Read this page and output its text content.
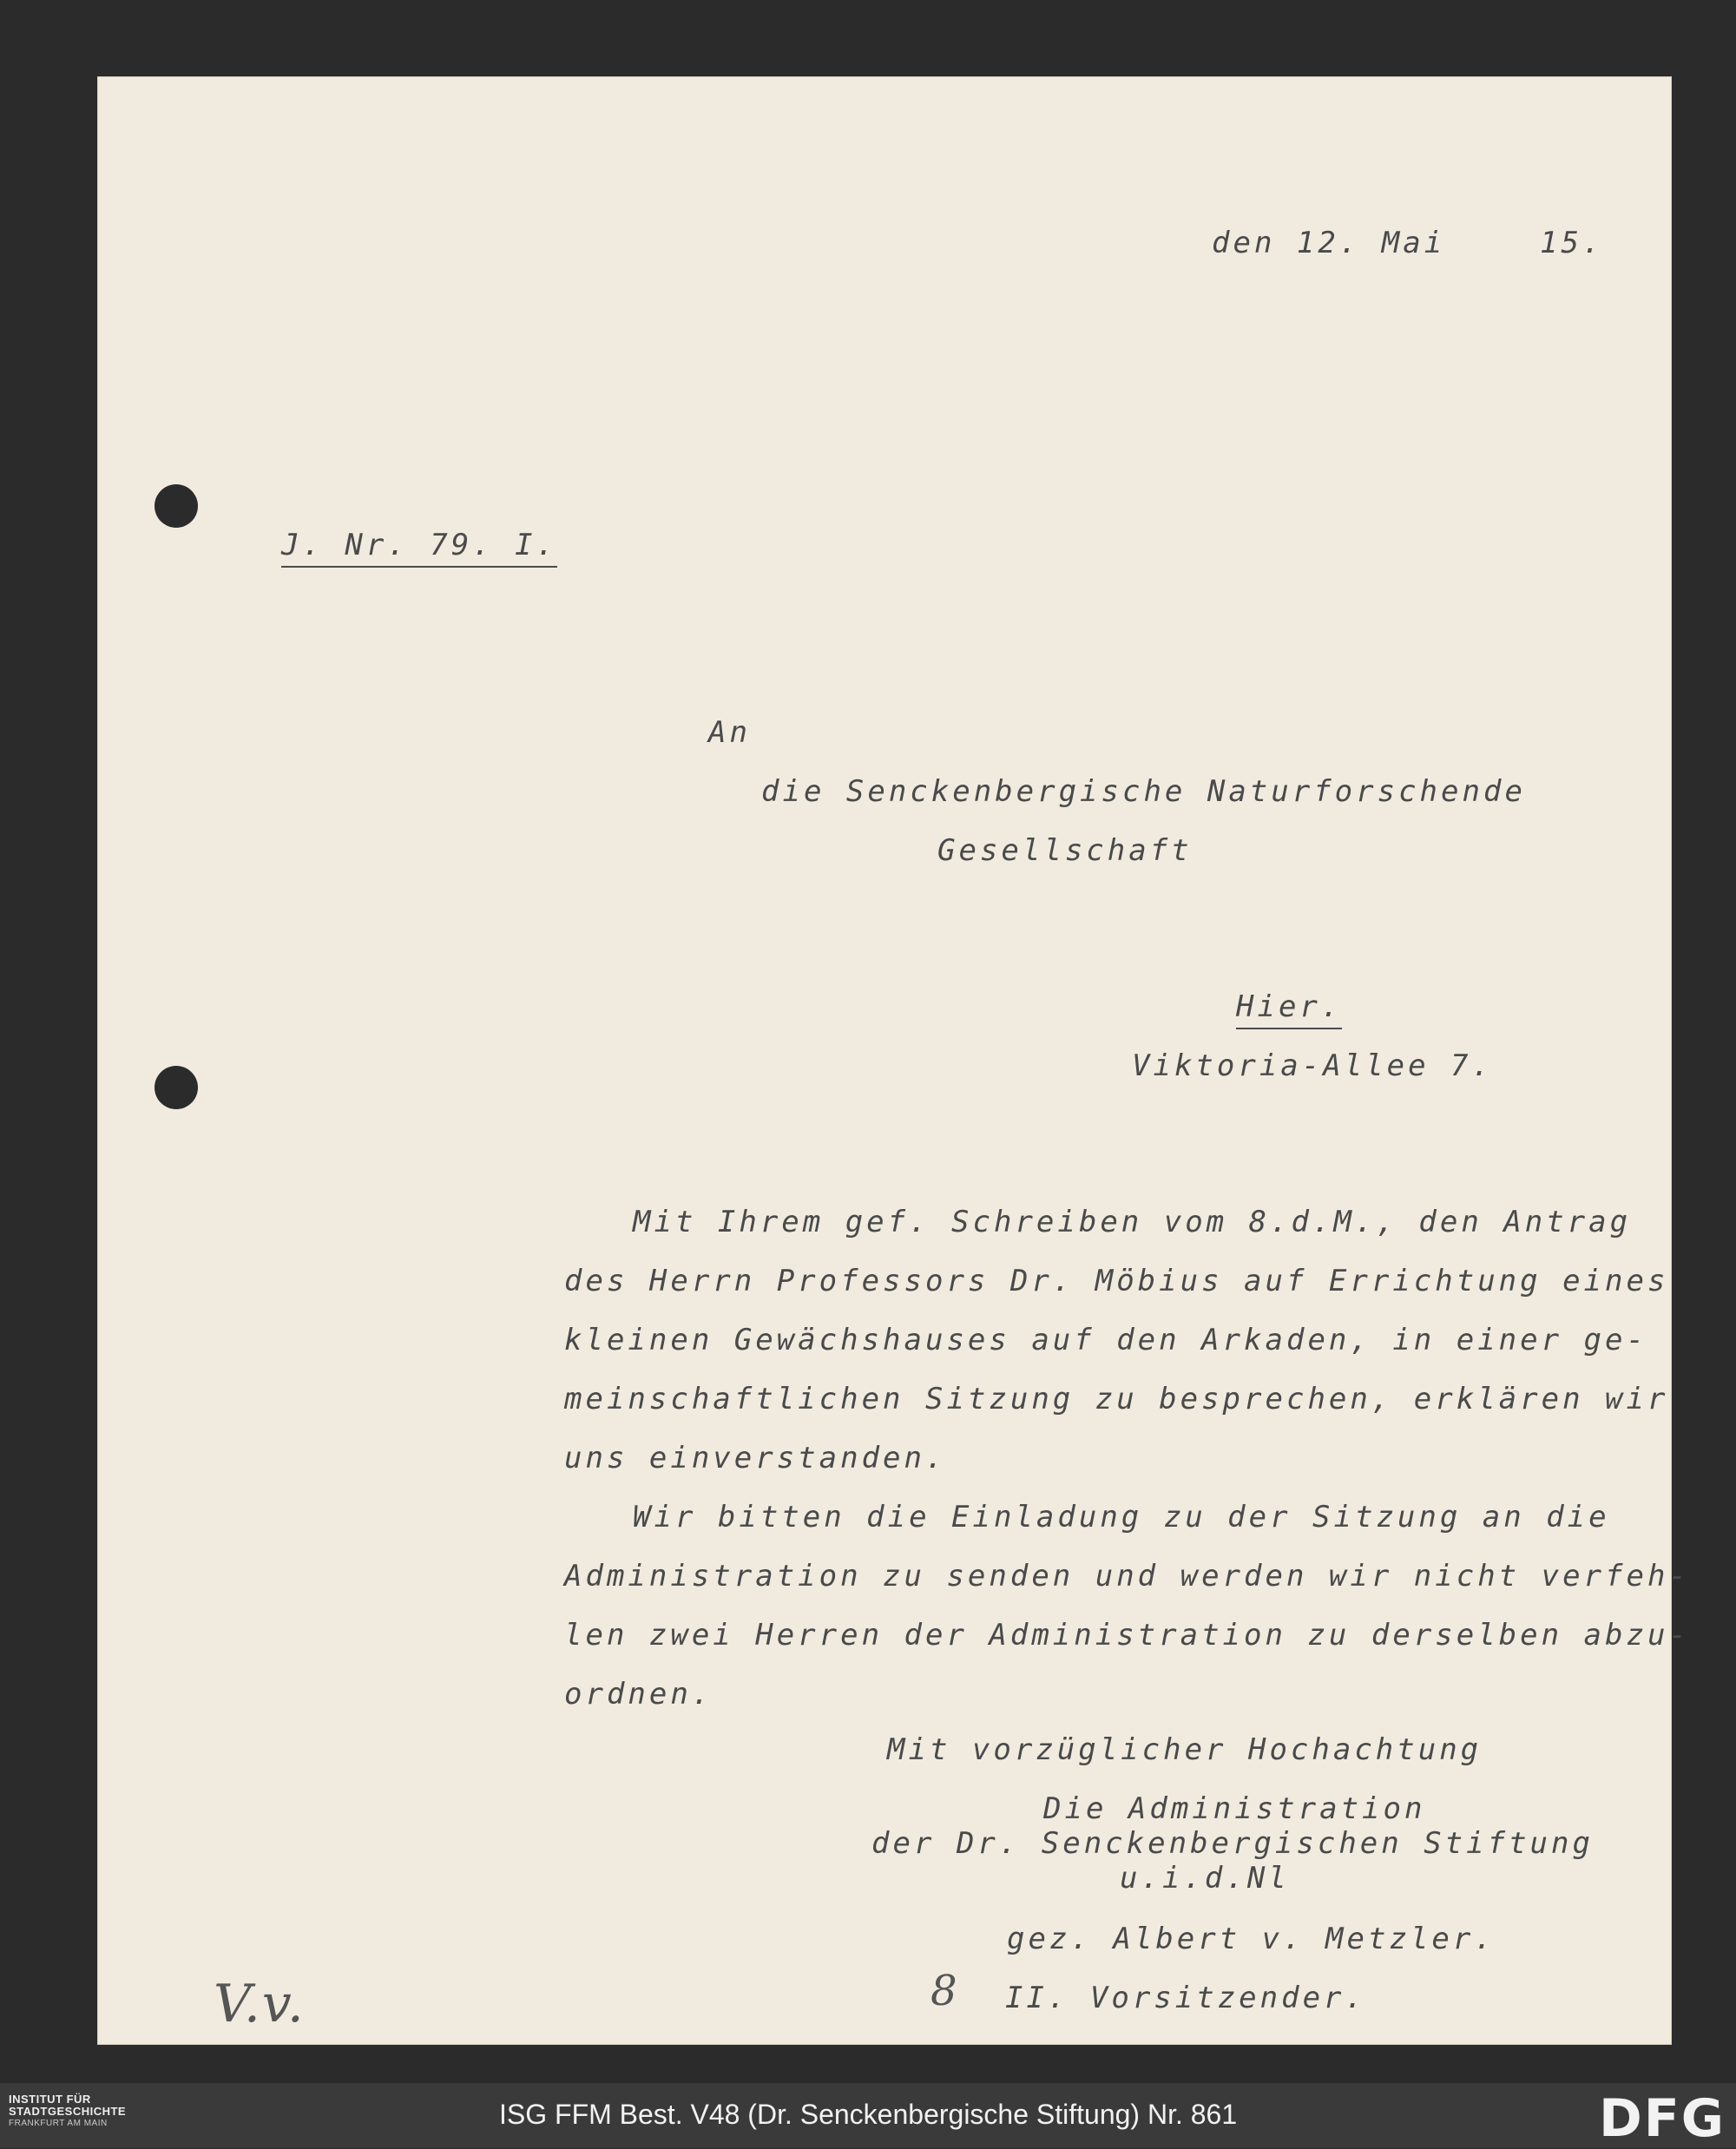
den 12. Mai	15.
J. Nr. 79. I.
An
die Senckenbergische Naturforschende
Gesellschaft
Hier.
Viktoria-Allee 7.
Mit Ihrem gef. Schreiben vom 8.d.M., den Antrag
des Herrn Professors Dr. Möbius auf Errichtung eines
kleinen Gewächshauses auf den Arkaden, in einer ge-
meinschaftlichen Sitzung zu besprechen, erklären wir
uns einverstanden.
Wir bitten die Einladung zu der Sitzung an die
Administration zu senden und werden wir nicht verfeh-
len zwei Herren der Administration zu derselben abzu-
ordnen.
Mit vorzüglicher Hochachtung
Die Administration
der Dr. Senckenbergischen Stiftung
u.i.d.Nl
gez. Albert v. Metzler.
II. Vorsitzender.
8
V.v.
INSTITUT FÜR
STADTGESCHICHTE
FRANKFURT AM MAIN	ISG FFM Best. V48 (Dr. Senckenbergische Stiftung) Nr. 861	DFG
